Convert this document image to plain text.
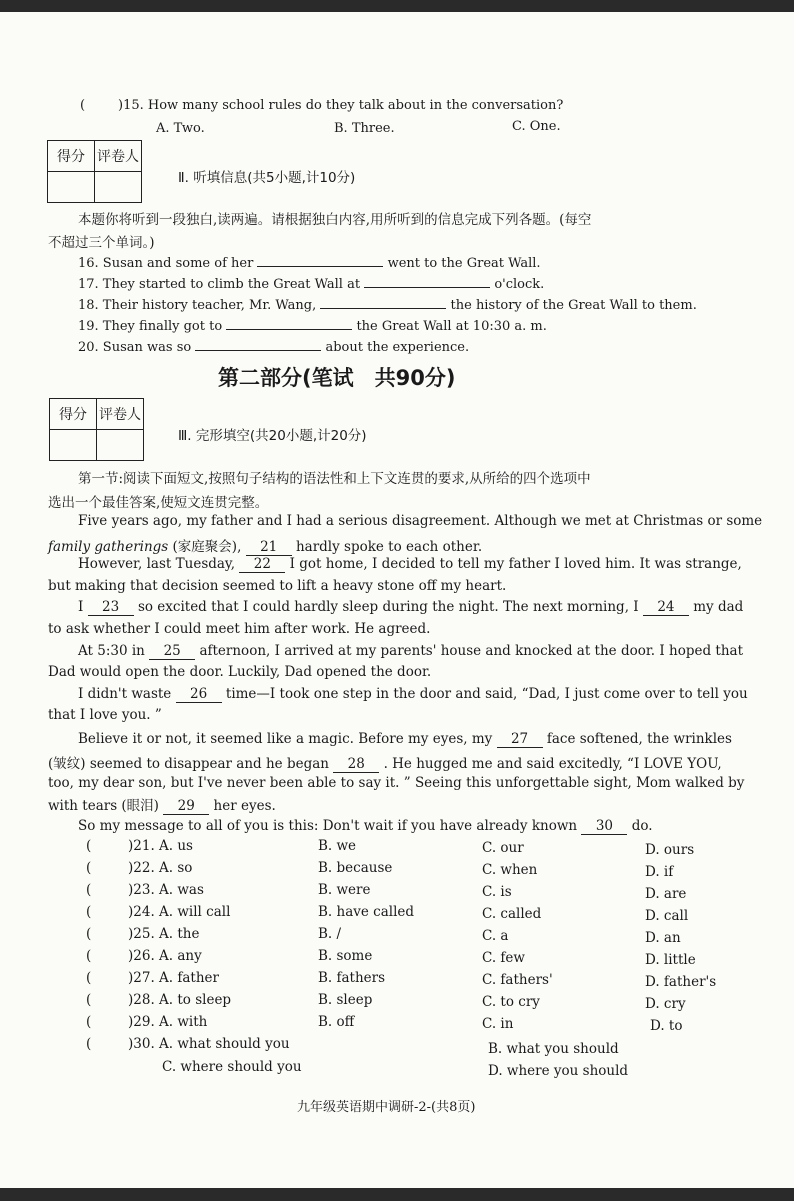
(	)15. How many school rules do they talk about in the conversation?
A. Two.	B. Three.	C. One.
得分	评卷人

Ⅱ. 听填信息(共5小题,计10分)
本题你将听到一段独白,读两遍。请根据独白内容,用所听到的信息完成下列各题。(每空
不超过三个单词。)
16. Susan and some of her	went to the Great Wall.
17. They started to climb the Great Wall at	o'clock.
18. Their history teacher, Mr. Wang,	the history of the Great Wall to them.
19. They finally got to	the Great Wall at 10:30 a. m.
20. Susan was so	about the experience.
第二部分(笔试　共90分)
得分	评卷人

Ⅲ. 完形填空(共20小题,计20分)
第一节:阅读下面短文,按照句子结构的语法性和上下文连贯的要求,从所给的四个选项中
选出一个最佳答案,使短文连贯完整。
Five years ago, my father and I had a serious disagreement. Although we met at Christmas or some
family gatherings (家庭聚会), 21 hardly spoke to each other.
However, last Tuesday, 22 I got home, I decided to tell my father I loved him. It was strange,
but making that decision seemed to lift a heavy stone off my heart.
I 23 so excited that I could hardly sleep during the night. The next morning, I 24 my dad
to ask whether I could meet him after work. He agreed.
At 5:30 in 25 afternoon, I arrived at my parents' house and knocked at the door. I hoped that
Dad would open the door. Luckily, Dad opened the door.
I didn't waste 26 time—I took one step in the door and said, “Dad, I just come over to tell you
that I love you. ”
Believe it or not, it seemed like a magic. Before my eyes, my 27 face softened, the wrinkles
(皱纹) seemed to disappear and he began 28 . He hugged me and said excitedly, “I LOVE YOU,
too, my dear son, but I've never been able to say it. ” Seeing this unforgettable sight, Mom walked by
with tears (眼泪) 29 her eyes.
So my message to all of you is this: Don't wait if you have already known 30 do.
(	)21. A. us	B. we	C. our	D. ours
(	)22. A. so	B. because	C. when	D. if
(	)23. A. was	B. were	C. is	D. are
(	)24. A. will call	B. have called	C. called	D. call
(	)25. A. the	B. /	C. a	D. an
(	)26. A. any	B. some	C. few	D. little
(	)27. A. father	B. fathers	C. fathers'	D. father's
(	)28. A. to sleep	B. sleep	C. to cry	D. cry
(	)29. A. with	B. off	C. in	D. to
(	)30. A. what should you	B. what you should
C. where should you	D. where you should
九年级英语期中调研-2-(共8页)
